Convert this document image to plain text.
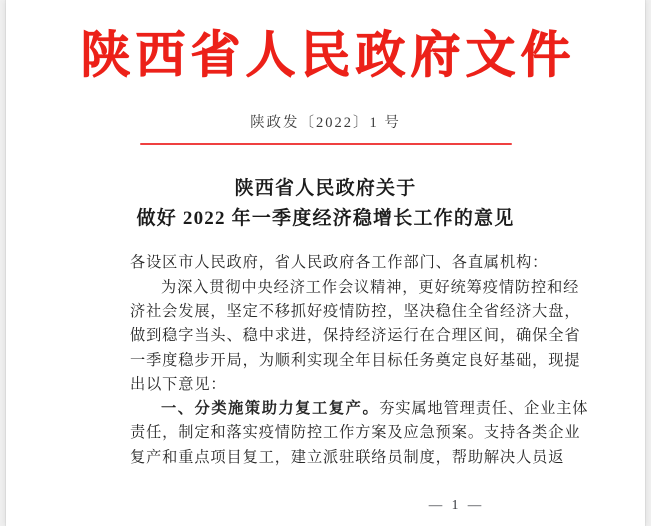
陕西省人民政府文件
陕政发〔2022〕1 号
陕西省人民政府关于
做好 2022 年一季度经济稳增长工作的意见
各设区市人民政府，省人民政府各工作部门、各直属机构：
为深入贯彻中央经济工作会议精神，更好统筹疫情防控和经
济社会发展，坚定不移抓好疫情防控，坚决稳住全省经济大盘，
做到稳字当头、稳中求进，保持经济运行在合理区间，确保全省
一季度稳步开局，为顺利实现全年目标任务奠定良好基础，现提
出以下意见：
一、分类施策助力复工复产。夯实属地管理责任、企业主体
责任，制定和落实疫情防控工作方案及应急预案。支持各类企业
复产和重点项目复工，建立派驻联络员制度，帮助解决人员返
— 1 —
